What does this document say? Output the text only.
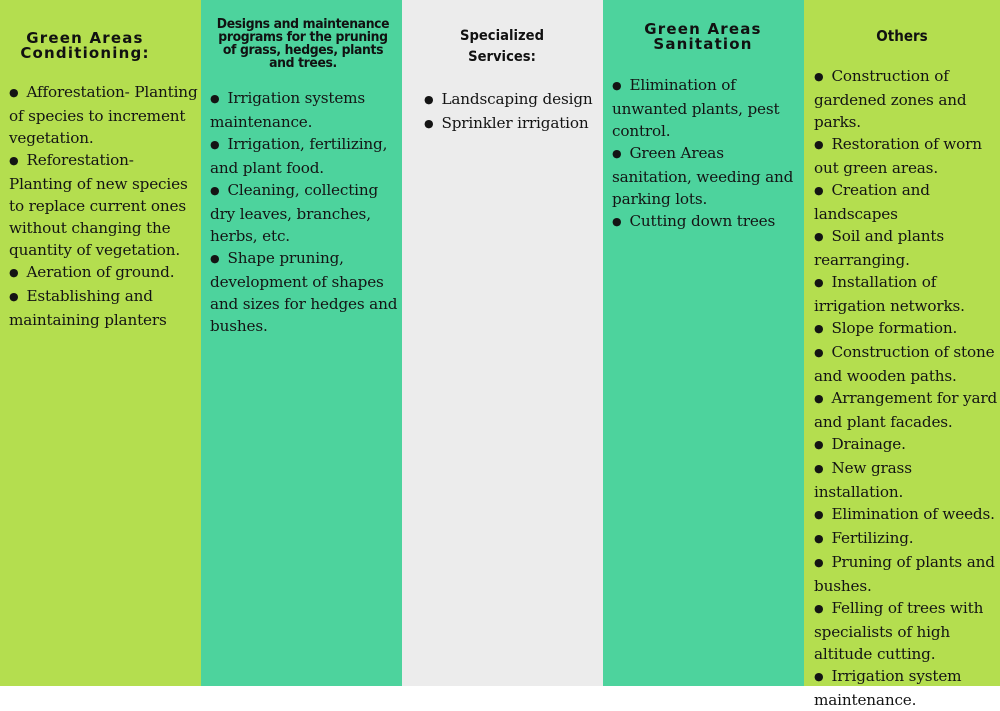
Green Areas Conditioning:
● Afforestation- Planting of species to increment vegetation.
● Reforestation- Planting of new species to replace current ones without changing the quantity of vegetation.
● Aeration of ground.
● Establishing and maintaining planters
Designs and maintenance programs for the pruning of grass, hedges, plants and trees.
● Irrigation systems maintenance.
● Irrigation, fertilizing, and plant food.
● Cleaning, collecting dry leaves, branches, herbs, etc.
● Shape pruning, development of shapes and sizes for hedges and bushes.
Specialized Services:
● Landscaping design
● Sprinkler irrigation
Green Areas Sanitation
● Elimination of unwanted plants, pest control.
● Green Areas sanitation, weeding and parking lots.
● Cutting down trees
Others
● Construction of gardened zones and parks.
● Restoration of worn out green areas.
● Creation and landscapes
● Soil and plants rearranging.
● Installation of irrigation networks.
● Slope formation.
● Construction of stone and wooden paths.
● Arrangement for yard and plant facades.
● Drainage.
● New grass installation.
● Elimination of weeds.
● Fertilizing.
● Pruning of plants and bushes.
● Felling of trees with specialists of high altitude cutting.
● Irrigation system maintenance.
